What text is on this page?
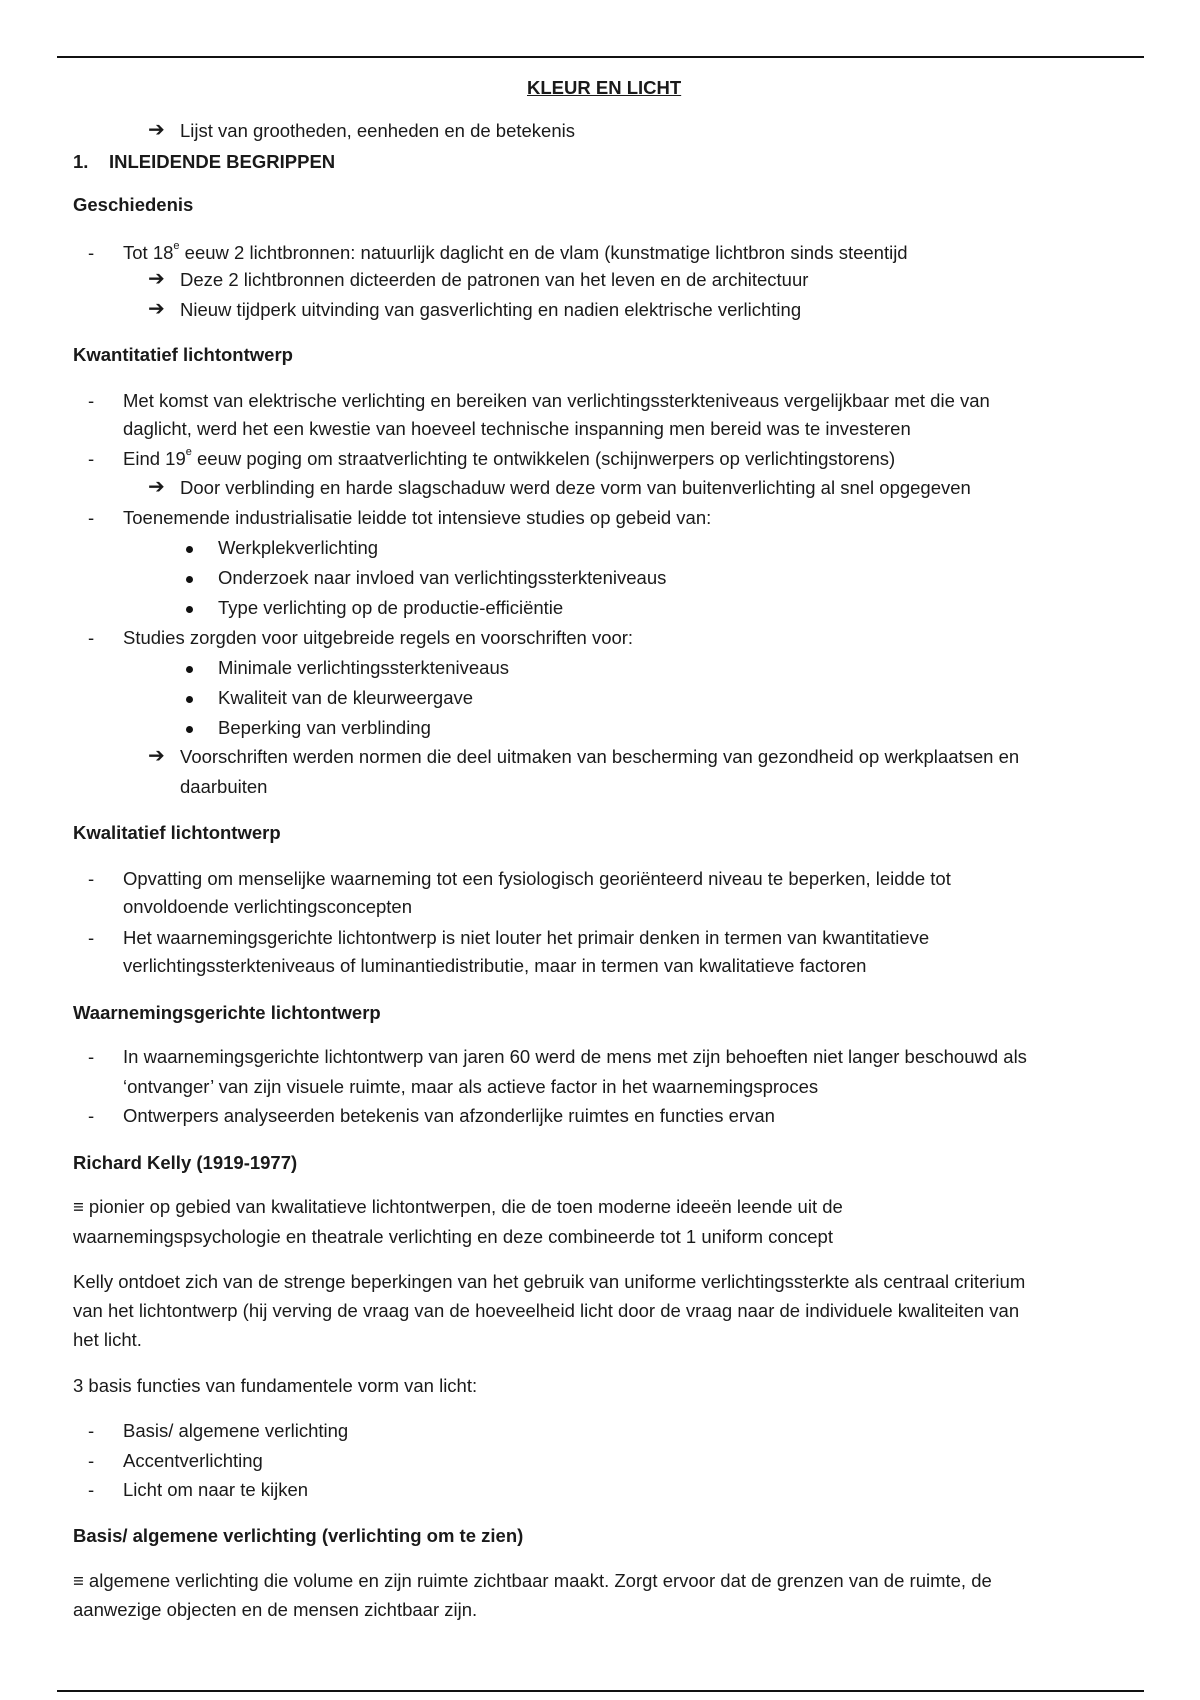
KLEUR EN LICHT
➔ Lijst van grootheden, eenheden en de betekenis
1. INLEIDENDE BEGRIPPEN
Geschiedenis
- Tot 18e eeuw 2 lichtbronnen: natuurlijk daglicht en de vlam (kunstmatige lichtbron sinds steentijd
➔ Deze 2 lichtbronnen dicteerden de patronen van het leven en de architectuur
➔ Nieuw tijdperk uitvinding van gasverlichting en nadien elektrische verlichting
Kwantitatief lichtontwerp
- Met komst van elektrische verlichting en bereiken van verlichtingssterkteniveaus vergelijkbaar met die van
daglicht, werd het een kwestie van hoeveel technische inspanning men bereid was te investeren
- Eind 19e eeuw poging om straatverlichting te ontwikkelen (schijnwerpers op verlichtingstorens)
➔ Door verblinding en harde slagschaduw werd deze vorm van buitenverlichting al snel opgegeven
- Toenemende industrialisatie leidde tot intensieve studies op gebeid van:
Werkplekverlichting
Onderzoek naar invloed van verlichtingssterkteniveaus
Type verlichting op de productie-efficiëntie
- Studies zorgden voor uitgebreide regels en voorschriften voor:
Minimale verlichtingssterkteniveaus
Kwaliteit van de kleurweergave
Beperking van verblinding
➔ Voorschriften werden normen die deel uitmaken van bescherming van gezondheid op werkplaatsen en
daarbuiten
Kwalitatief lichtontwerp
- Opvatting om menselijke waarneming tot een fysiologisch georiënteerd niveau te beperken, leidde tot
onvoldoende verlichtingsconcepten
- Het waarnemingsgerichte lichtontwerp is niet louter het primair denken in termen van kwantitatieve
verlichtingssterkteniveaus of luminantiedistributie, maar in termen van kwalitatieve factoren
Waarnemingsgerichte lichtontwerp
- In waarnemingsgerichte lichtontwerp van jaren 60 werd de mens met zijn behoeften niet langer beschouwd als
‘ontvanger’ van zijn visuele ruimte, maar als actieve factor in het waarnemingsproces
- Ontwerpers analyseerden betekenis van afzonderlijke ruimtes en functies ervan
Richard Kelly (1919-1977)
≡ pionier op gebied van kwalitatieve lichtontwerpen, die de toen moderne ideeën leende uit de
waarnemingspsychologie en theatrale verlichting en deze combineerde tot 1 uniform concept
Kelly ontdoet zich van de strenge beperkingen van het gebruik van uniforme verlichtingssterkte als centraal criterium
van het lichtontwerp (hij verving de vraag van de hoeveelheid licht door de vraag naar de individuele kwaliteiten van
het licht.
3 basis functies van fundamentele vorm van licht:
- Basis/ algemene verlichting
- Accentverlichting
- Licht om naar te kijken
Basis/ algemene verlichting (verlichting om te zien)
≡ algemene verlichting die volume en zijn ruimte zichtbaar maakt. Zorgt ervoor dat de grenzen van de ruimte, de
aanwezige objecten en de mensen zichtbaar zijn.
